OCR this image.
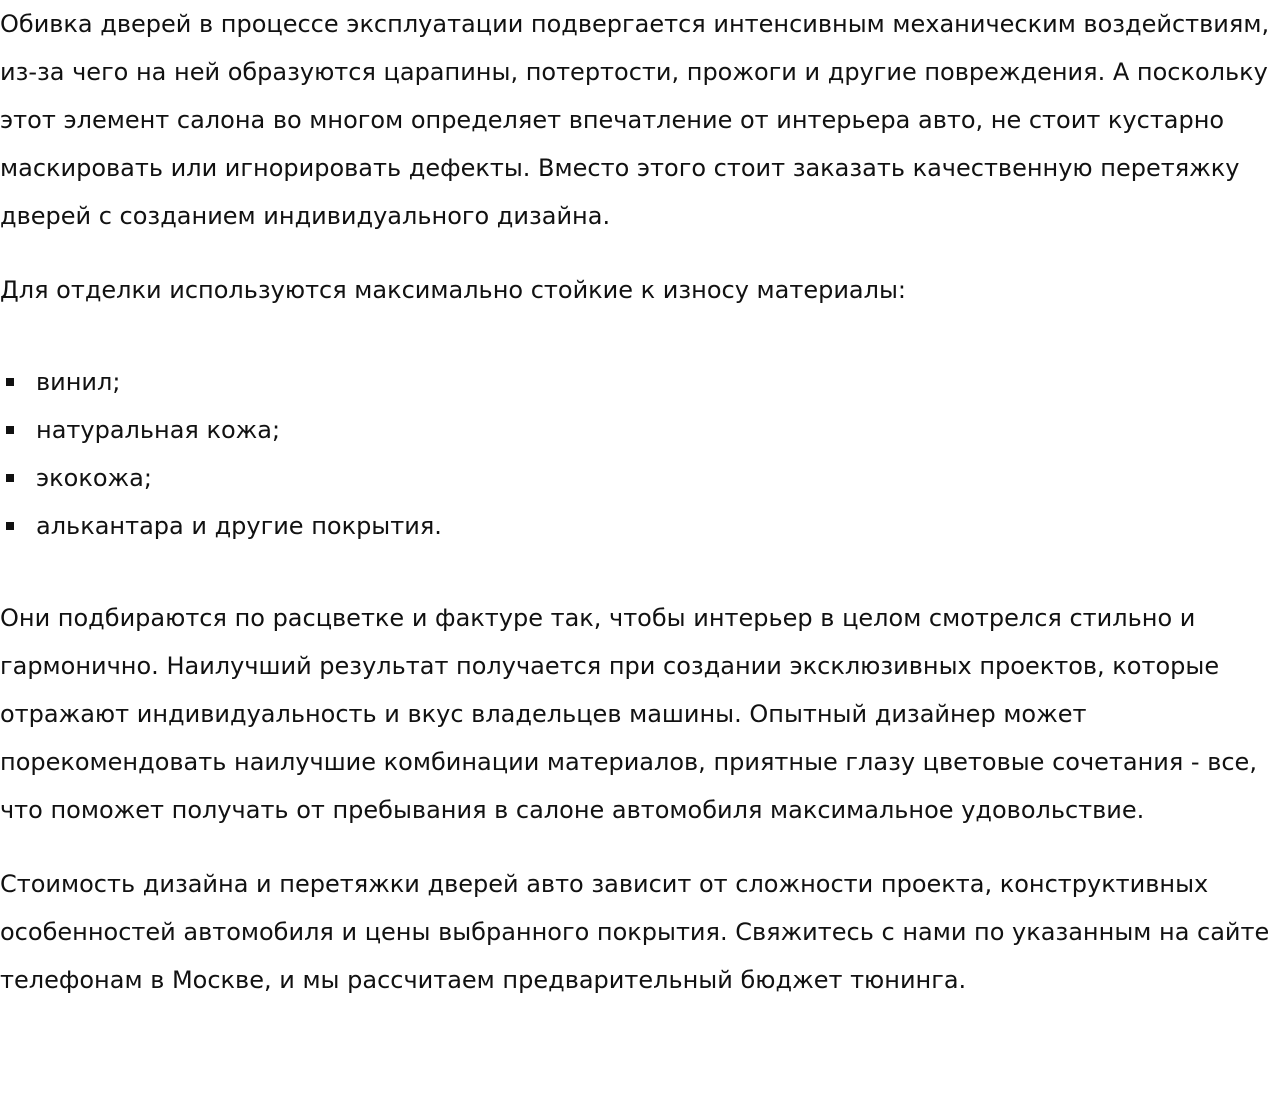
Обивка дверей в процессе эксплуатации подвергается интенсивным механическим воздействиям, из-за чего на ней образуются царапины, потертости, прожоги и другие повреждения. А поскольку этот элемент салона во многом определяет впечатление от интерьера авто, не стоит кустарно маскировать или игнорировать дефекты. Вместо этого стоит заказать качественную перетяжку дверей с созданием индивидуального дизайна.

Для отделки используются максимально стойкие к износу материалы:

винил;
натуральная кожа;
экокожа;
алькантара и другие покрытия.

Они подбираются по расцветке и фактуре так, чтобы интерьер в целом смотрелся стильно и гармонично. Наилучший результат получается при создании эксклюзивных проектов, которые отражают индивидуальность и вкус владельцев машины. Опытный дизайнер может порекомендовать наилучшие комбинации материалов, приятные глазу цветовые сочетания - все, что поможет получать от пребывания в салоне автомобиля максимальное удовольствие.

Стоимость дизайна и перетяжки дверей авто зависит от сложности проекта, конструктивных особенностей автомобиля и цены выбранного покрытия. Свяжитесь с нами по указанным на сайте телефонам в Москве, и мы рассчитаем предварительный бюджет тюнинга.
